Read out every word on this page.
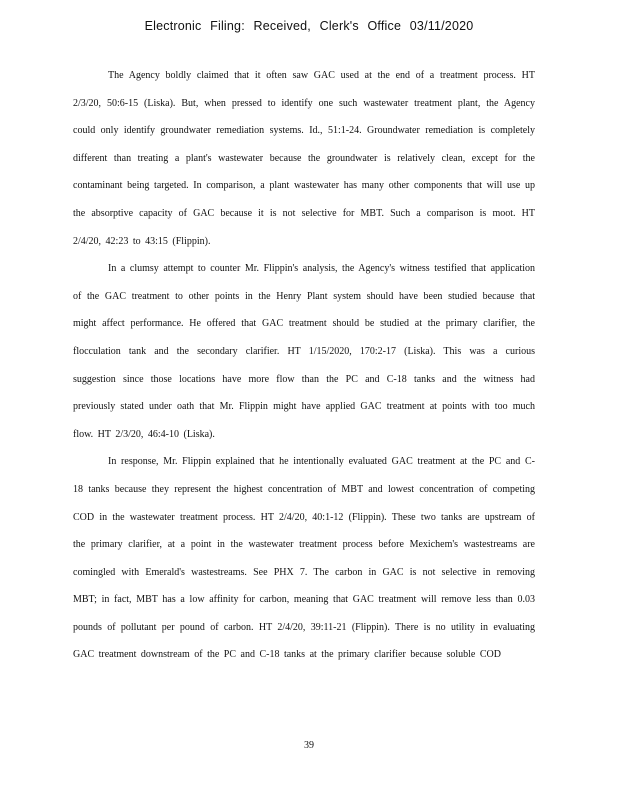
Electronic Filing: Received, Clerk's Office 03/11/2020

The Agency boldly claimed that it often saw GAC used at the end of a treatment process. HT 2/3/20, 50:6-15 (Liska). But, when pressed to identify one such wastewater treatment plant, the Agency could only identify groundwater remediation systems. Id., 51:1-24. Groundwater remediation is completely different than treating a plant's wastewater because the groundwater is relatively clean, except for the contaminant being targeted. In comparison, a plant wastewater has many other components that will use up the absorptive capacity of GAC because it is not selective for MBT. Such a comparison is moot. HT 2/4/20, 42:23 to 43:15 (Flippin).

In a clumsy attempt to counter Mr. Flippin's analysis, the Agency's witness testified that application of the GAC treatment to other points in the Henry Plant system should have been studied because that might affect performance. He offered that GAC treatment should be studied at the primary clarifier, the flocculation tank and the secondary clarifier. HT 1/15/2020, 170:2-17 (Liska). This was a curious suggestion since those locations have more flow than the PC and C-18 tanks and the witness had previously stated under oath that Mr. Flippin might have applied GAC treatment at points with too much flow. HT 2/3/20, 46:4-10 (Liska).

In response, Mr. Flippin explained that he intentionally evaluated GAC treatment at the PC and C-18 tanks because they represent the highest concentration of MBT and lowest concentration of competing COD in the wastewater treatment process. HT 2/4/20, 40:1-12 (Flippin). These two tanks are upstream of the primary clarifier, at a point in the wastewater treatment process before Mexichem's wastestreams are comingled with Emerald's wastestreams. See PHX 7. The carbon in GAC is not selective in removing MBT; in fact, MBT has a low affinity for carbon, meaning that GAC treatment will remove less than 0.03 pounds of pollutant per pound of carbon. HT 2/4/20, 39:11-21 (Flippin). There is no utility in evaluating GAC treatment downstream of the PC and C-18 tanks at the primary clarifier because soluble COD

39
